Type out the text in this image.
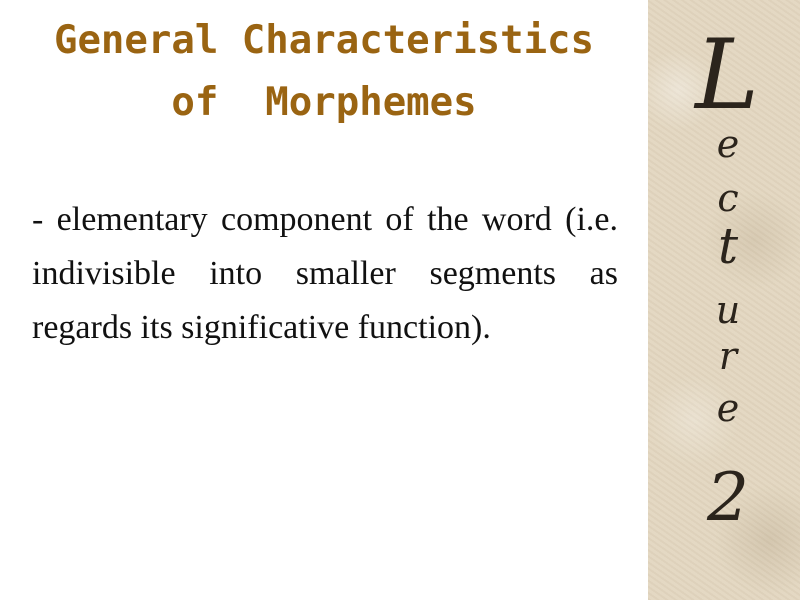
General Characteristics
of  Morphemes

- elementary component of the word (i.e. indivisible into smaller segments as regards its significative function).

L
e
c
t
u
r
e
2
